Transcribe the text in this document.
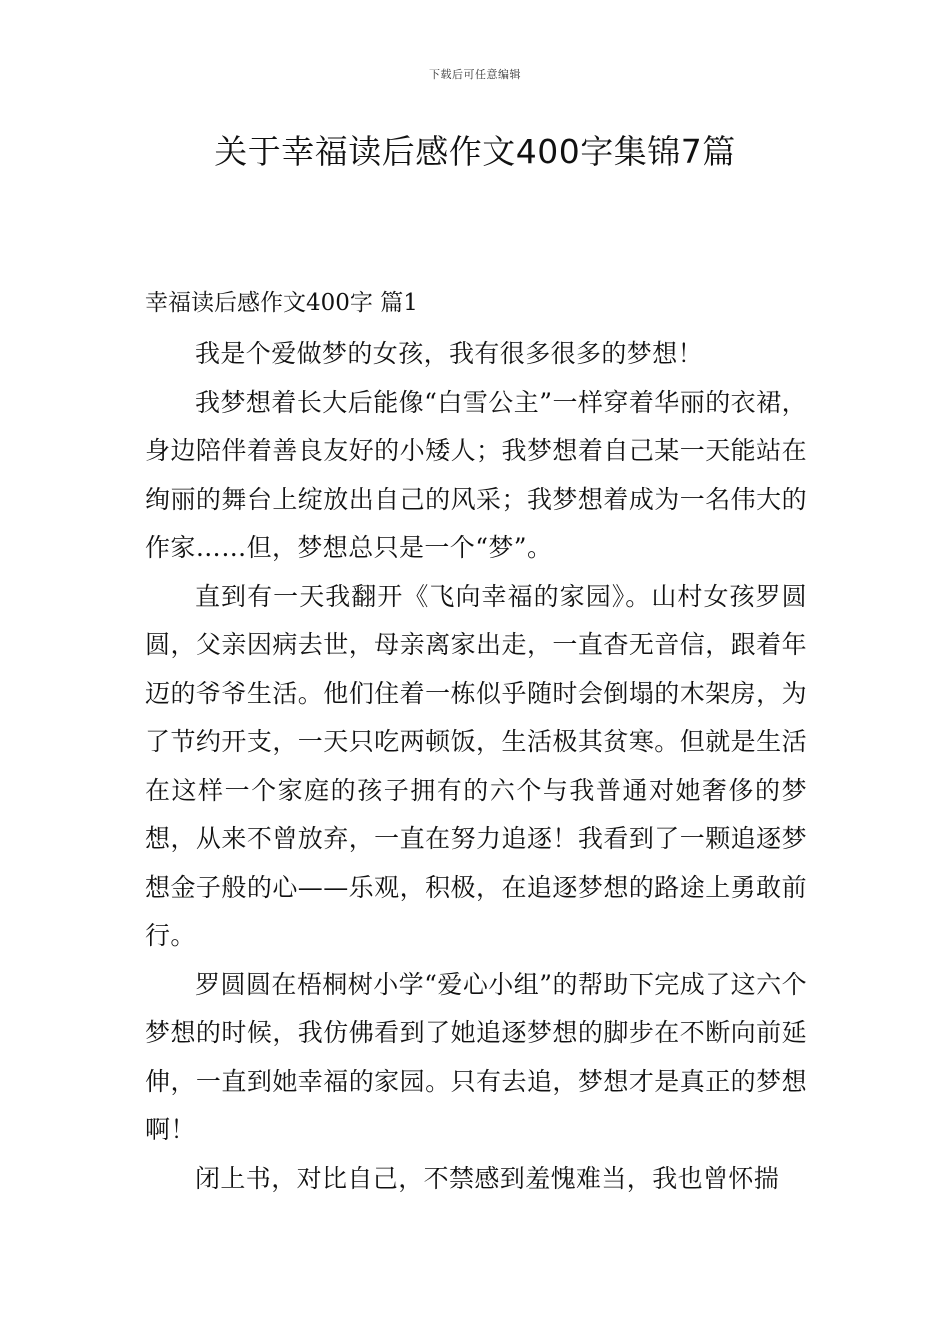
下载后可任意编辑
关于幸福读后感作文400字集锦7篇
幸福读后感作文400字 篇1

我是个爱做梦的女孩，我有很多很多的梦想！

我梦想着长大后能像“白雪公主”一样穿着华丽的衣裙，身边陪伴着善良友好的小矮人；我梦想着自己某一天能站在绚丽的舞台上绽放出自己的风采；我梦想着成为一名伟大的作家……但，梦想总只是一个“梦”。

直到有一天我翻开《飞向幸福的家园》。山村女孩罗圆圆，父亲因病去世，母亲离家出走，一直杳无音信，跟着年迈的爷爷生活。他们住着一栋似乎随时会倒塌的木架房，为了节约开支，一天只吃两顿饭，生活极其贫寒。但就是生活在这样一个家庭的孩子拥有的六个与我普通对她奢侈的梦想，从来不曾放弃，一直在努力追逐！我看到了一颗追逐梦想金子般的心——乐观，积极，在追逐梦想的路途上勇敢前行。

罗圆圆在梧桐树小学“爱心小组”的帮助下完成了这六个梦想的时候，我仿佛看到了她追逐梦想的脚步在不断向前延伸，一直到她幸福的家园。只有去追，梦想才是真正的梦想啊！

闭上书，对比自己，不禁感到羞愧难当，我也曾怀揣
